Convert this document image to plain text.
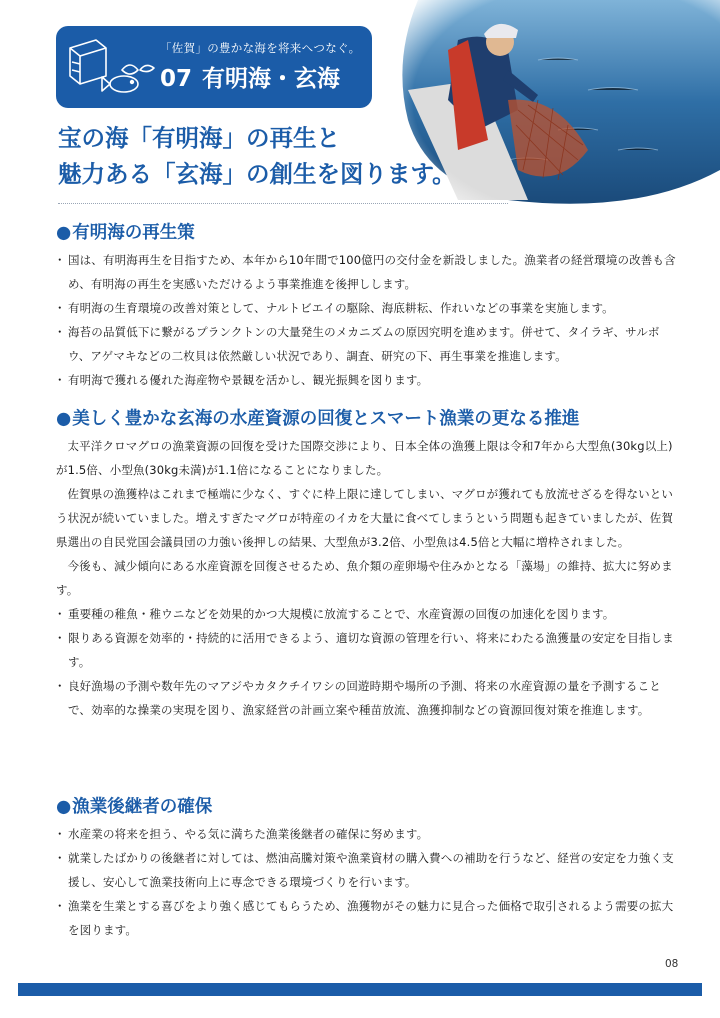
「佐賀」の豊かな海を将来へつなぐ。
07 有明海・玄海
宝の海「有明海」の再生と
魅力ある「玄海」の創生を図ります。
●有明海の再生策
・ 国は、有明海再生を目指すため、本年から10年間で100億円の交付金を新設しました。漁業者の経営環境の改善も含め、有明海の再生を実感いただけるよう事業推進を後押しします。
・ 有明海の生育環境の改善対策として、ナルトビエイの駆除、海底耕耘、作れいなどの事業を実施します。
・ 海苔の品質低下に繋がるプランクトンの大量発生のメカニズムの原因究明を進めます。併せて、タイラギ、サルボウ、アゲマキなどの二枚貝は依然厳しい状況であり、調査、研究の下、再生事業を推進します。
・ 有明海で獲れる優れた海産物や景観を活かし、観光振興を図ります。
●美しく豊かな玄海の水産資源の回復とスマート漁業の更なる推進
太平洋クロマグロの漁業資源の回復を受けた国際交渉により、日本全体の漁獲上限は令和7年から大型魚(30kg以上)が1.5倍、小型魚(30kg未満)が1.1倍になることになりました。
佐賀県の漁獲枠はこれまで極端に少なく、すぐに枠上限に達してしまい、マグロが獲れても放流せざるを得ないという状況が続いていました。増えすぎたマグロが特産のイカを大量に食べてしまうという問題も起きていましたが、佐賀県選出の自民党国会議員団の力強い後押しの結果、大型魚が3.2倍、小型魚は4.5倍と大幅に増枠されました。
今後も、減少傾向にある水産資源を回復させるため、魚介類の産卵場や住みかとなる「藻場」の維持、拡大に努めます。
・ 重要種の稚魚・稚ウニなどを効果的かつ大規模に放流することで、水産資源の回復の加速化を図ります。
・ 限りある資源を効率的・持続的に活用できるよう、適切な資源の管理を行い、将来にわたる漁獲量の安定を目指します。
・ 良好漁場の予測や数年先のマアジやカタクチイワシの回遊時期や場所の予測、将来の水産資源の量を予測することで、効率的な操業の実現を図り、漁家経営の計画立案や種苗放流、漁獲抑制などの資源回復対策を推進します。
●漁業後継者の確保
・ 水産業の将来を担う、やる気に満ちた漁業後継者の確保に努めます。
・ 就業したばかりの後継者に対しては、燃油高騰対策や漁業資材の購入費への補助を行うなど、経営の安定を力強く支援し、安心して漁業技術向上に専念できる環境づくりを行います。
・ 漁業を生業とする喜びをより強く感じてもらうため、漁獲物がその魅力に見合った価格で取引されるよう需要の拡大を図ります。
08
